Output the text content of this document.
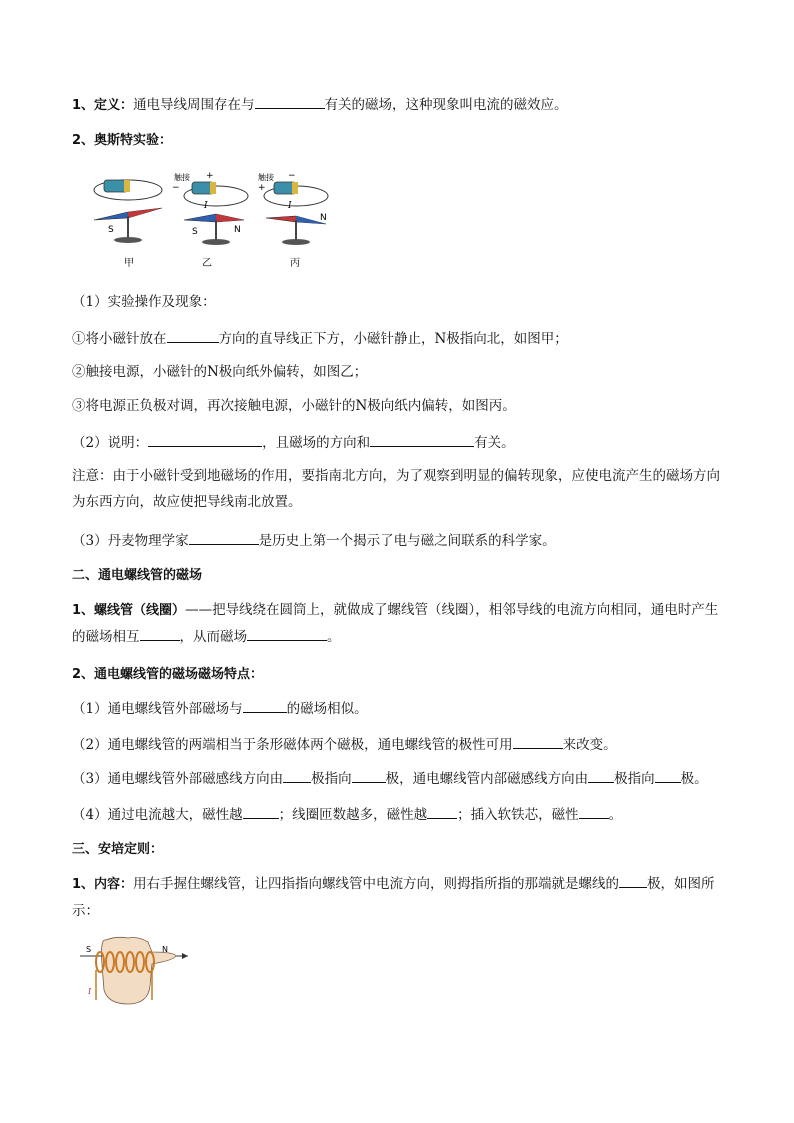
1、定义：通电导线周围存在与	有关的磁场，这种现象叫电流的磁效应。
2、奥斯特实验：
S
触接 +
−
I
S	N
触接 −
+
I
N
甲	乙	丙
（1）实验操作及现象：
①将小磁针放在	方向的直导线正下方，小磁针静止，N极指向北，如图甲；
②触接电源，小磁针的N极向纸外偏转，如图乙；
③将电源正负极对调，再次接触电源，小磁针的N极向纸内偏转，如图丙。
（2）说明：	，且磁场的方向和	有关。
注意：由于小磁针受到地磁场的作用，要指南北方向，为了观察到明显的偏转现象，应使电流产生的磁场方向为东西方向，故应使把导线南北放置。
（3）丹麦物理学家	是历史上第一个揭示了电与磁之间联系的科学家。
二、通电螺线管的磁场
1、螺线管（线圈）——把导线绕在圆筒上，就做成了螺线管（线圈），相邻导线的电流方向相同，通电时产生的磁场相互	，从而磁场	。
2、通电螺线管的磁场磁场特点：
（1）通电螺线管外部磁场与	的磁场相似。
（2）通电螺线管的两端相当于条形磁体两个磁极，通电螺线管的极性可用	来改变。
（3）通电螺线管外部磁感线方向由 极指向	极，通电螺线管内部磁感线方向由 极指向 极。
（4）通过电流越大，磁性越	；线圈匝数越多，磁性越 ；插入软铁芯，磁性 。
三、安培定则：
1、内容：用右手握住螺线管，让四指指向螺线管中电流方向，则拇指所指的那端就是螺线的 极，如图所示：
S	N
I
